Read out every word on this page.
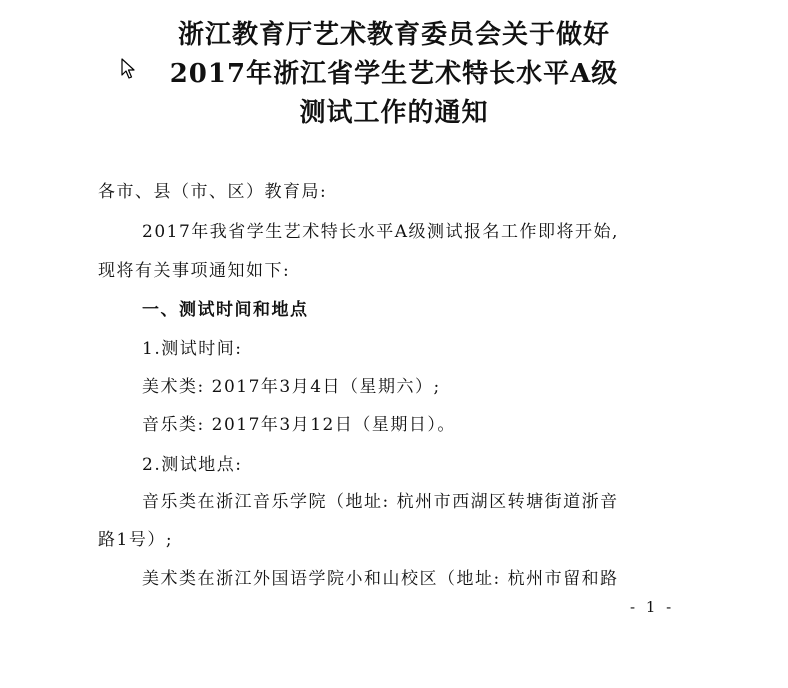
浙江教育厅艺术教育委员会关于做好
2017年浙江省学生艺术特长水平A级
测试工作的通知
各市、县（市、区）教育局:
2017年我省学生艺术特长水平A级测试报名工作即将开始,
现将有关事项通知如下:
一、测试时间和地点
1.测试时间:
美术类: 2017年3月4日（星期六）;
音乐类: 2017年3月12日（星期日）。
2.测试地点:
音乐类在浙江音乐学院（地址: 杭州市西湖区转塘街道浙音
路1号）;
美术类在浙江外国语学院小和山校区（地址: 杭州市留和路
- 1 -
